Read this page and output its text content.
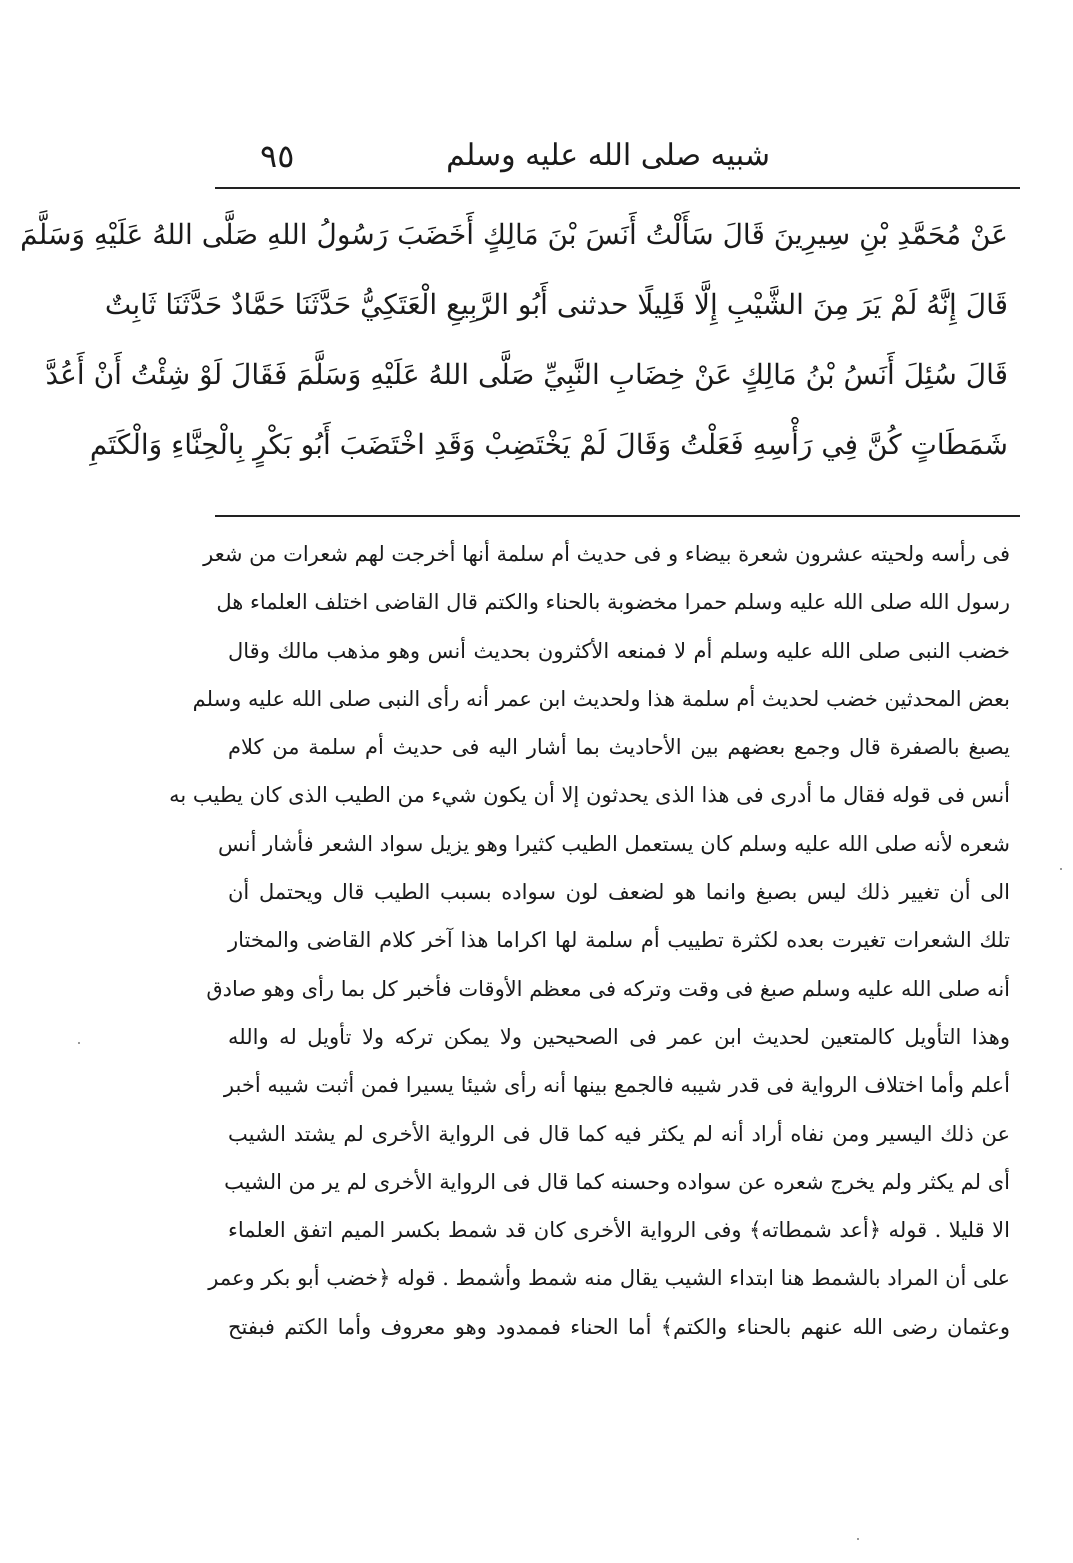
شبيه صلى الله عليه وسلم
٩٥
عَنْ مُحَمَّدِ بْنِ سِيرِينَ قَالَ سَأَلْتُ أَنَسَ بْنَ مَالِكٍ أَخَضَبَ رَسُولُ اللهِ صَلَّى اللهُ عَلَيْهِ وَسَلَّمَ
قَالَ إِنَّهُ لَمْ يَرَ مِنَ الشَّيْبِ إِلَّا قَلِيلًا حدثنى أَبُو الرَّبِيعِ الْعَتَكِيُّ حَدَّثَنَا حَمَّادٌ حَدَّثَنَا ثَابِتٌ
قَالَ سُئِلَ أَنَسُ بْنُ مَالِكٍ عَنْ خِضَابِ النَّبِيِّ صَلَّى اللهُ عَلَيْهِ وَسَلَّمَ فَقَالَ لَوْ شِئْتُ أَنْ أَعُدَّ
شَمَطَاتٍ كُنَّ فِي رَأْسِهِ فَعَلْتُ وَقَالَ لَمْ يَخْتَضِبْ وَقَدِ اخْتَضَبَ أَبُو بَكْرٍ بِالْحِنَّاءِ وَالْكَتَمِ
فى رأسه ولحيته عشرون شعرة بيضاء و فى حديث أم سلمة أنها أخرجت لهم شعرات من شعر
رسول الله صلى الله عليه وسلم حمرا مخضوبة بالحناء والكتم قال القاضى اختلف العلماء هل
خضب النبى صلى الله عليه وسلم أم لا فمنعه الأكثرون بحديث أنس وهو مذهب مالك وقال
بعض المحدثين خضب لحديث أم سلمة هذا ولحديث ابن عمر أنه رأى النبى صلى الله عليه وسلم
يصبغ بالصفرة قال وجمع بعضهم بين الأحاديث بما أشار اليه فى حديث أم سلمة من كلام
أنس فى قوله فقال ما أدرى فى هذا الذى يحدثون إلا أن يكون شيء من الطيب الذى كان يطيب به
شعره لأنه صلى الله عليه وسلم كان يستعمل الطيب كثيرا وهو يزيل سواد الشعر فأشار أنس
الى أن تغيير ذلك ليس بصبغ وانما هو لضعف لون سواده بسبب الطيب قال ويحتمل أن
تلك الشعرات تغيرت بعده لكثرة تطييب أم سلمة لها اكراما هذا آخر كلام القاضى والمختار
أنه صلى الله عليه وسلم صبغ فى وقت وتركه فى معظم الأوقات فأخبر كل بما رأى وهو صادق
وهذا التأويل كالمتعين لحديث ابن عمر فى الصحيحين ولا يمكن تركه ولا تأويل له والله
أعلم وأما اختلاف الرواية فى قدر شيبه فالجمع بينها أنه رأى شيئا يسيرا فمن أثبت شيبه أخبر
عن ذلك اليسير ومن نفاه أراد أنه لم يكثر فيه كما قال فى الرواية الأخرى لم يشتد الشيب
أى لم يكثر ولم يخرج شعره عن سواده وحسنه كما قال فى الرواية الأخرى لم ير من الشيب
الا قليلا . قوله ﴿أعد شمطاته﴾ وفى الرواية الأخرى كان قد شمط بكسر الميم اتفق العلماء
على أن المراد بالشمط هنا ابتداء الشيب يقال منه شمط وأشمط . قوله ﴿خضب أبو بكر وعمر
وعثمان رضى الله عنهم بالحناء والكتم﴾ أما الحناء فممدود وهو معروف وأما الكتم فبفتح
